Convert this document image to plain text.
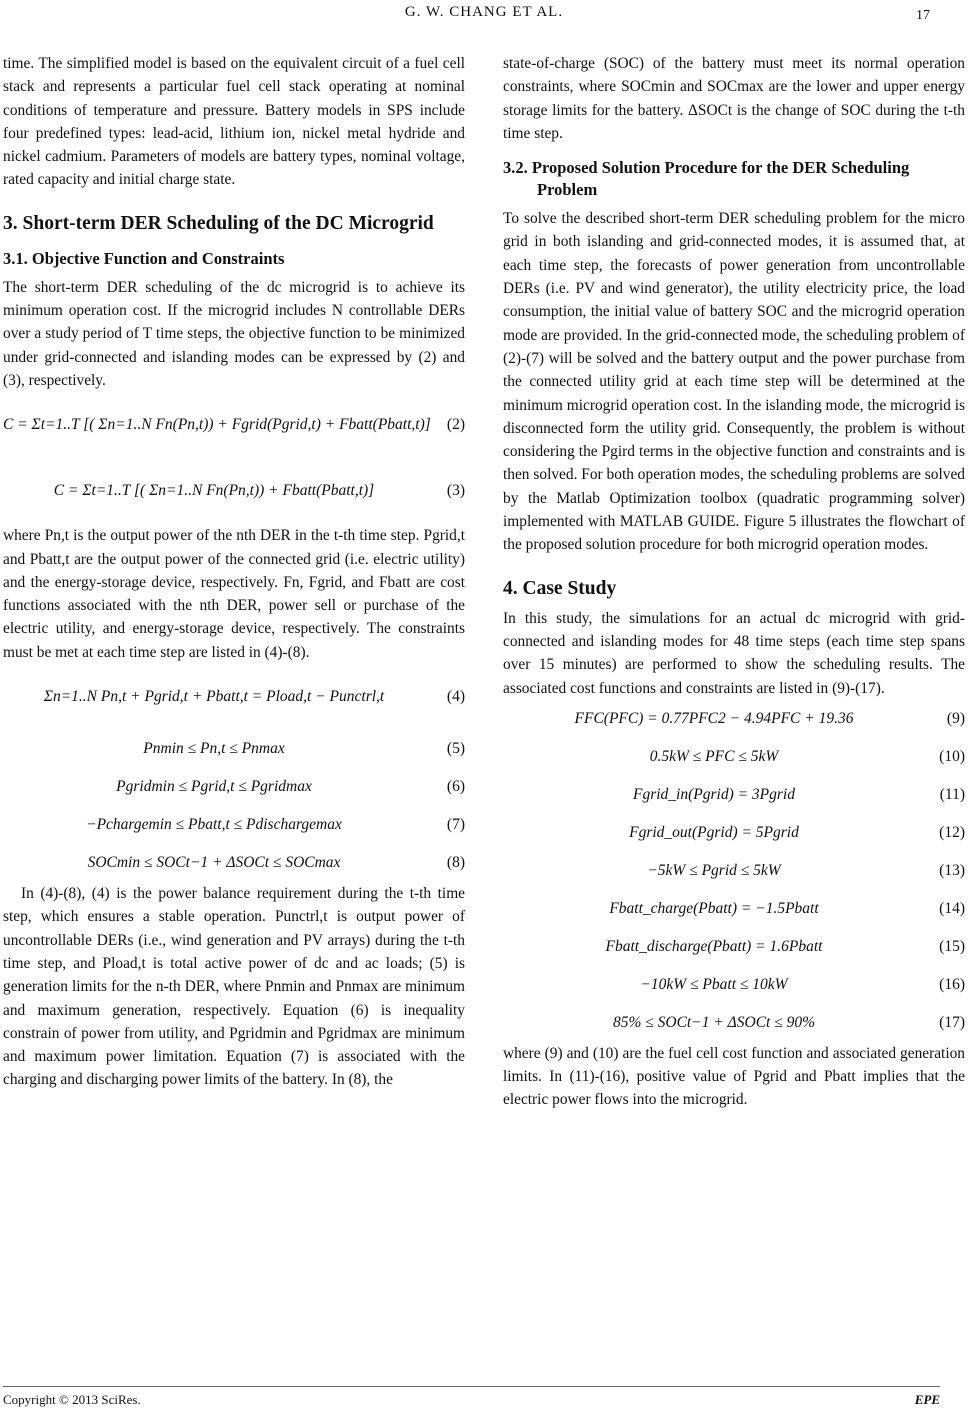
G. W. CHANG ET AL.	17

time. The simplified model is based on the equivalent circuit of a fuel cell stack and represents a particular fuel cell stack operating at nominal conditions of temperature and pressure. Battery models in SPS include four predefined types: lead-acid, lithium ion, nickel metal hydride and nickel cadmium. Parameters of models are battery types, nominal voltage, rated capacity and initial charge state.

3. Short-term DER Scheduling of the DC Microgrid
3.1. Objective Function and Constraints

The short-term DER scheduling of the dc microgrid is to achieve its minimum operation cost. If the microgrid includes N controllable DERs over a study period of T time steps, the objective function to be minimized under grid-connected and islanding modes can be expressed by (2) and (3), respectively.

C = Σt=1..T [( Σn=1..N Fn(Pn,t)) + Fgrid(Pgrid,t) + Fbatt(Pbatt,t)] (2)
C = Σt=1..T [( Σn=1..N Fn(Pn,t)) + Fbatt(Pbatt,t)]	(3)

where Pn,t is the output power of the nth DER in the t-th time step. Pgrid,t and Pbatt,t are the output power of the connected grid (i.e. electric utility) and the energy-storage device, respectively. Fn, Fgrid, and Fbatt are cost functions associated with the nth DER, power sell or purchase of the electric utility, and energy-storage device, respectively. The constraints must be met at each time step are listed in (4)-(8).

Σn=1..N Pn,t + Pgrid,t + Pbatt,t = Pload,t − Punctrl,t	(4)
Pnmin ≤ Pn,t ≤ Pnmax	(5)
Pgridmin ≤ Pgrid,t ≤ Pgridmax	(6)
−Pchargemin ≤ Pbatt,t ≤ Pdischargemax	(7)
SOCmin ≤ SOCt−1 + ΔSOCt ≤ SOCmax	(8)

In (4)-(8), (4) is the power balance requirement during the t-th time step, which ensures a stable operation. Punctrl,t is output power of uncontrollable DERs (i.e., wind generation and PV arrays) during the t-th time step, and Pload,t is total active power of dc and ac loads; (5) is generation limits for the n-th DER, where Pnmin and Pnmax are minimum and maximum generation, respectively. Equation (6) is inequality constrain of power from utility, and Pgridmin and Pgridmax are minimum and maximum power limitation. Equation (7) is associated with the charging and discharging power limits of the battery. In (8), the

state-of-charge (SOC) of the battery must meet its normal operation constraints, where SOCmin and SOCmax are the lower and upper energy storage limits for the battery. ΔSOCt is the change of SOC during the t-th time step.

3.2. Proposed Solution Procedure for the DER Scheduling Problem

To solve the described short-term DER scheduling problem for the micro grid in both islanding and grid-connected modes, it is assumed that, at each time step, the forecasts of power generation from uncontrollable DERs (i.e. PV and wind generator), the utility electricity price, the load consumption, the initial value of battery SOC and the microgrid operation mode are provided. In the grid-connected mode, the scheduling problem of (2)-(7) will be solved and the battery output and the power purchase from the connected utility grid at each time step will be determined at the minimum microgrid operation cost. In the islanding mode, the microgrid is disconnected form the utility grid. Consequently, the problem is without considering the Pgird terms in the objective function and constraints and is then solved. For both operation modes, the scheduling problems are solved by the Matlab Optimization toolbox (quadratic programming solver) implemented with MATLAB GUIDE. Figure 5 illustrates the flowchart of the proposed solution procedure for both microgrid operation modes.

4. Case Study

In this study, the simulations for an actual dc microgrid with grid-connected and islanding modes for 48 time steps (each time step spans over 15 minutes) are performed to show the scheduling results. The associated cost functions and constraints are listed in (9)-(17).

FFC(PFC) = 0.77PFC2 − 4.94PFC + 19.36	(9)
0.5kW ≤ PFC ≤ 5kW	(10)
Fgrid_in(Pgrid) = 3Pgrid	(11)
Fgrid_out(Pgrid) = 5Pgrid	(12)
−5kW ≤ Pgrid ≤ 5kW	(13)
Fbatt_charge(Pbatt) = −1.5Pbatt	(14)
Fbatt_discharge(Pbatt) = 1.6Pbatt	(15)
−10kW ≤ Pbatt ≤ 10kW	(16)
85% ≤ SOCt−1 + ΔSOCt ≤ 90%	(17)

where (9) and (10) are the fuel cell cost function and associated generation limits. In (11)-(16), positive value of Pgrid and Pbatt implies that the electric power flows into the microgrid.

Copyright © 2013 SciRes.	EPE
